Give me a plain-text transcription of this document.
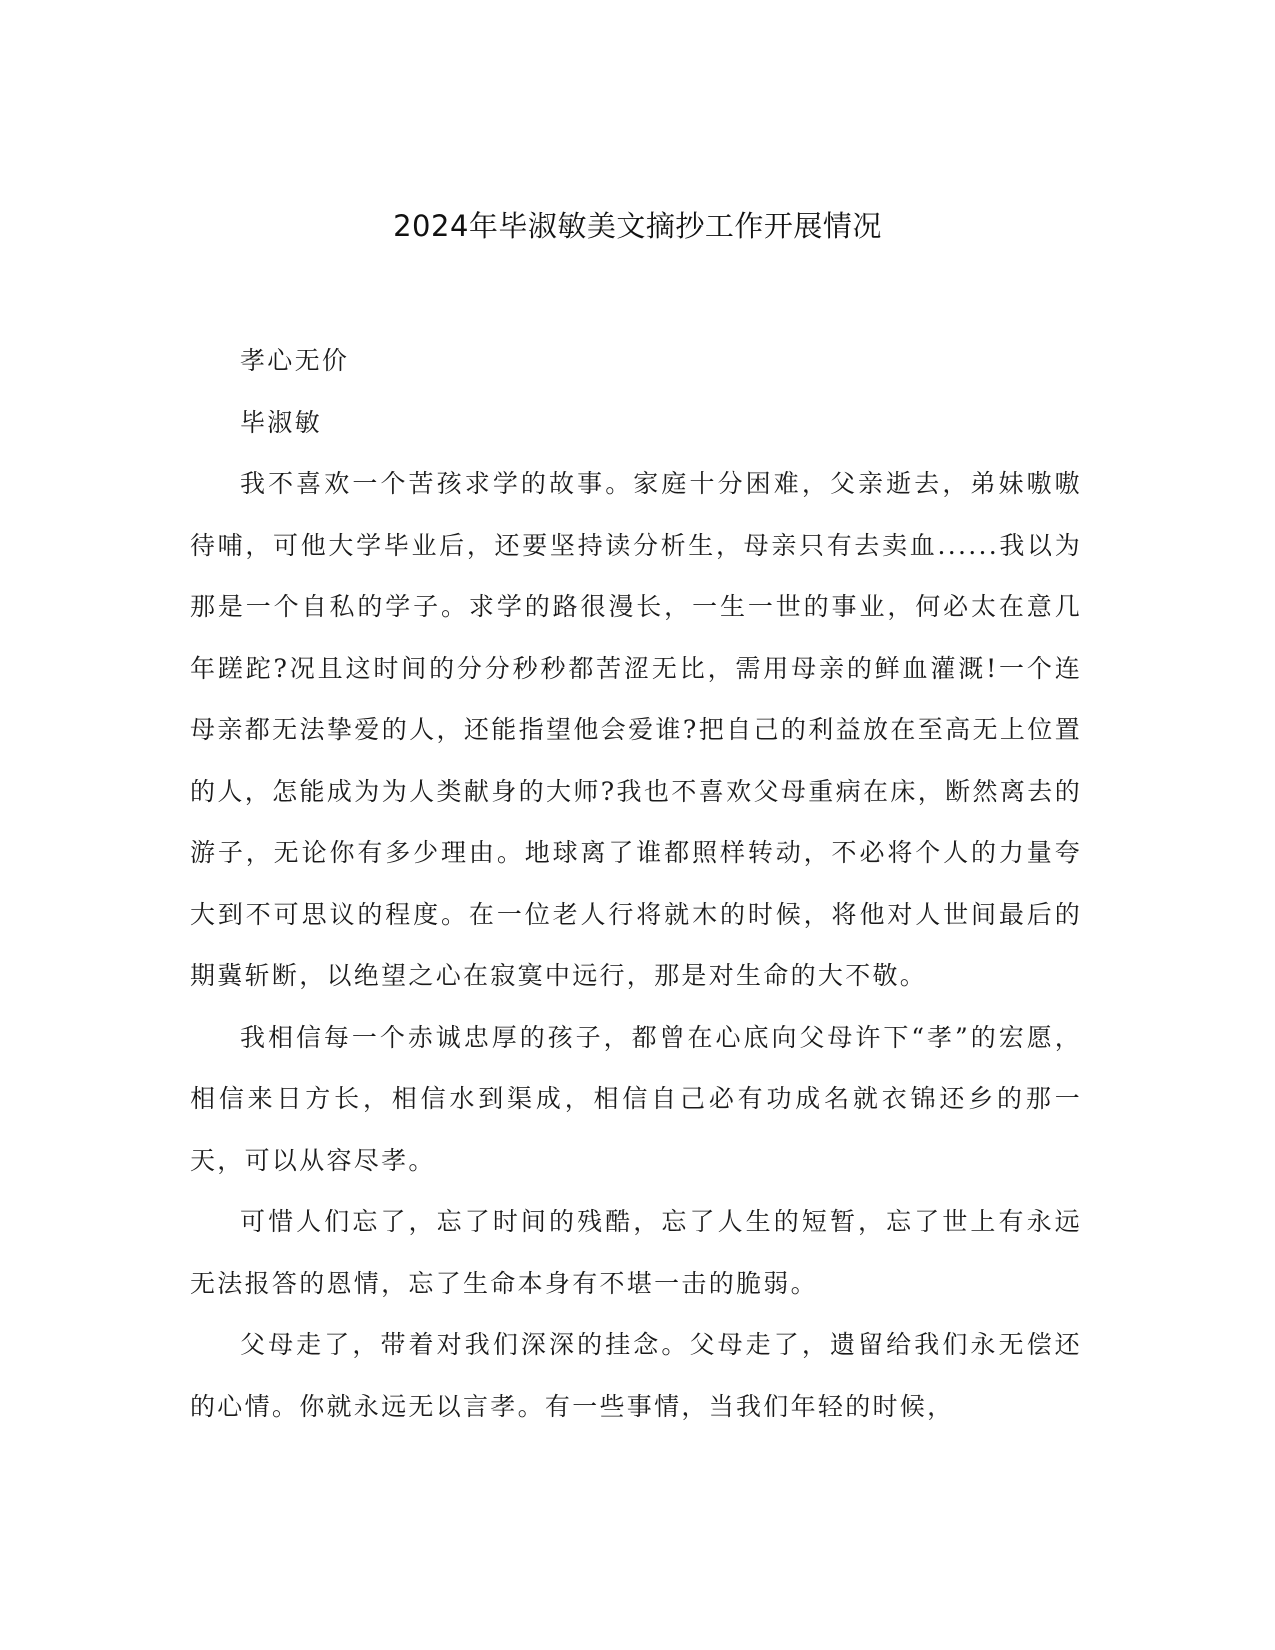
2024年毕淑敏美文摘抄工作开展情况

孝心无价

毕淑敏

我不喜欢一个苦孩求学的故事。家庭十分困难，父亲逝去，弟妹嗷嗷待哺，可他大学毕业后，还要坚持读分析生，母亲只有去卖血......我以为那是一个自私的学子。求学的路很漫长，一生一世的事业，何必太在意几年蹉跎?况且这时间的分分秒秒都苦涩无比，需用母亲的鲜血灌溉!一个连母亲都无法挚爱的人，还能指望他会爱谁?把自己的利益放在至高无上位置的人，怎能成为为人类献身的大师?我也不喜欢父母重病在床，断然离去的游子，无论你有多少理由。地球离了谁都照样转动，不必将个人的力量夸大到不可思议的程度。在一位老人行将就木的时候，将他对人世间最后的期冀斩断，以绝望之心在寂寞中远行，那是对生命的大不敬。

我相信每一个赤诚忠厚的孩子，都曾在心底向父母许下“孝”的宏愿，相信来日方长，相信水到渠成，相信自己必有功成名就衣锦还乡的那一天，可以从容尽孝。

可惜人们忘了，忘了时间的残酷，忘了人生的短暂，忘了世上有永远无法报答的恩情，忘了生命本身有不堪一击的脆弱。

父母走了，带着对我们深深的挂念。父母走了，遗留给我们永无偿还的心情。你就永远无以言孝。有一些事情，当我们年轻的时候，
